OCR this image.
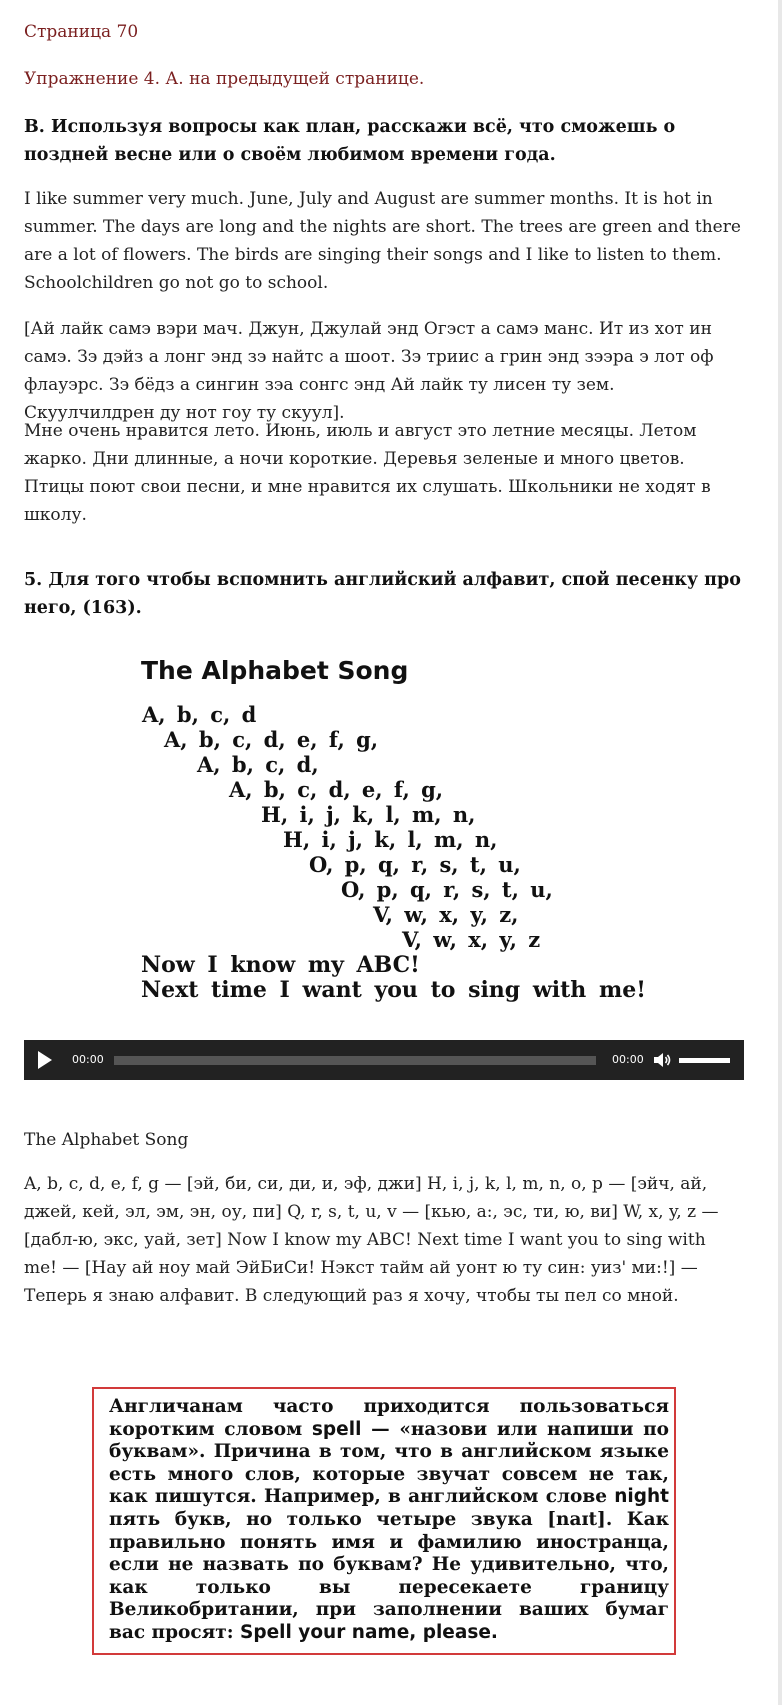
Страница 70
Упражнение 4. А. на предыдущей странице.
В. Используя вопросы как план, расскажи всё, что сможешь о поздней весне или о своём любимом времени года.
I like summer very much. June, July and August are summer months. It is hot in summer. The days are long and the nights are short. The trees are green and there are a lot of flowers. The birds are singing their songs and I like to listen to them. Schoolchildren go not go to school.
[Ай лайк самэ вэри мач. Джун, Джулай энд Огэст а самэ манс. Ит из хот ин самэ. Зэ дэйз а лонг энд зэ найтс а шоот. Зэ трииc а грин энд зээра э лот оф флауэрс. Зэ бёдз а сингин зэа сонгс энд Ай лайк ту лисен ту зем. Скуулчилдрен ду нот гоу ту скуул].
Мне очень нравится лето. Июнь, июль и август это летние месяцы. Летом жарко. Дни длинные, а ночи короткие. Деревья зеленые и много цветов. Птицы поют свои песни, и мне нравится их слушать. Школьники не ходят в школу.
5. Для того чтобы вспомнить английский алфавит, спой песенку про него, (163).
The Alphabet Song
A, b, c, d
A, b, c, d, e, f, g,
A, b, c, d,
A, b, c, d, e, f, g,
H, i, j, k, l, m, n,
H, i, j, k, l, m, n,
O, p, q, r, s, t, u,
O, p, q, r, s, t, u,
V, w, x, y, z,
V, w, x, y, z
Now I know my ABC!
Next time I want you to sing with me!
00:00	00:00
The Alphabet Song
A, b, c, d, e, f, g — [эй, би, си, ди, и, эф, джи] H, i, j, k, l, m, n, o, p — [эйч, ай, джей, кей, эл, эм, эн, оу, пи] Q, r, s, t, u, v — [кью, а:, эс, ти, ю, ви] W, x, y, z — [дабл-ю, экс, уай, зет] Now I know my ABC! Next time I want you to sing with me! — [Нау ай ноу май ЭйБиСи! Нэкст тайм ай уонт ю ту син: уиз' ми:!] — Теперь я знаю алфавит. В следующий раз я хочу, чтобы ты пел со мной.
Англичанам часто приходится пользоваться коротким словом spell — «назови или напиши по буквам». Причина в том, что в английском языке есть много слов, которые звучат совсем не так, как пишутся. Например, в английском слове night пять букв, но только четыре звука [naɪt]. Как правильно понять имя и фамилию иностранца, если не назвать по буквам? Не удивительно, что, как только вы пересекаете границу Великобритании, при заполнении ваших бумаг вас просят: Spell your name, please.
